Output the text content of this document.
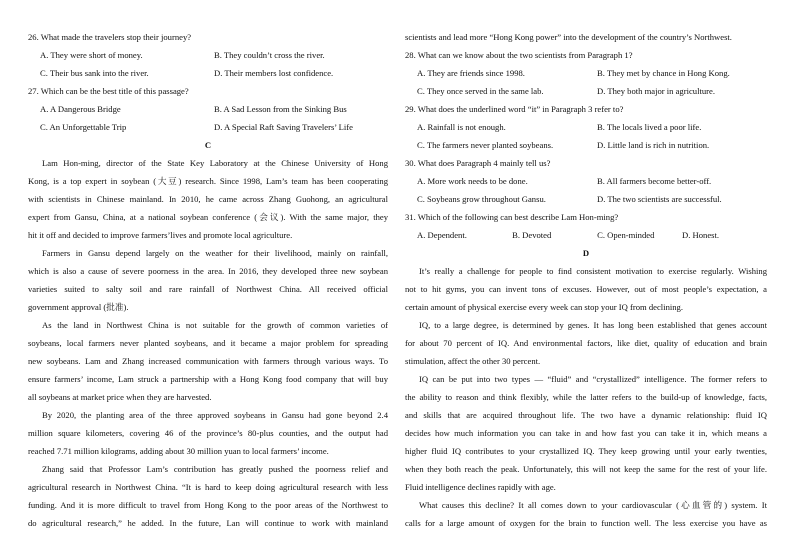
26. What made the travelers stop their journey?
A. They were short of money.	B. They couldn’t cross the river.
C. Their bus sank into the river.	D. Their members lost confidence.
27. Which can be the best title of this passage?
A. A Dangerous Bridge	B. A Sad Lesson from the Sinking Bus
C. An Unforgettable Trip	D. A Special Raft Saving Travelers’ Life
C
Lam Hon-ming, director of the State Key Laboratory at the Chinese University of Hong
Kong, is a top expert in soybean (大豆) research. Since 1998, Lam’s team has been cooperating
with scientists in Chinese mainland. In 2010, he came across Zhang Guohong, an agricultural
expert from Gansu, China, at a national soybean conference (会议). With the same major, they
hit it off and decided to improve farmers’lives and promote local agriculture.
Farmers in Gansu depend largely on the weather for their livelihood, mainly on rainfall,
which is also a cause of severe poorness in the area. In 2016, they developed three new soybean
varieties suited to salty soil and rare rainfall of Northwest China. All received official
government approval (批准).
As the land in Northwest China is not suitable for the growth of common varieties of
soybeans, local farmers never planted soybeans, and it became a major problem for spreading
new soybeans. Lam and Zhang increased communication with farmers through various ways. To
ensure farmers’ income, Lam struck a partnership with a Hong Kong food company that will buy
all soybeans at market price when they are harvested.
By 2020, the planting area of the three approved soybeans in Gansu had gone beyond 2.4
million square kilometers, covering 46 of the province’s 80-plus counties, and the output had
reached 7.71 million kilograms, adding about 30 million yuan to local farmers’ income.
Zhang said that Professor Lam’s contribution has greatly pushed the poorness relief and
agricultural research in Northwest China. “It is hard to keep doing agricultural research with less
funding. And it is more difficult to travel from Hong Kong to the poor areas of the Northwest to
do agricultural research,” he added. In the future, Lan will continue to work with mainland
scientists and lead more “Hong Kong power” into the development of the country’s Northwest.
28. What can we know about the two scientists from Paragraph 1?
A. They are friends since 1998.	B. They met by chance in Hong Kong.
C. They once served in the same lab.	D. They both major in agriculture.
29. What does the underlined word “it” in Paragraph 3 refer to?
A. Rainfall is not enough.	B. The locals lived a poor life.
C. The farmers never planted soybeans.	D. Little land is rich in nutrition.
30. What does Paragraph 4 mainly tell us?
A. More work needs to be done.	B. All farmers become better-off.
C. Soybeans grow throughout Gansu.	D. The two scientists are successful.
31. Which of the following can best describe Lam Hon-ming?
A. Dependent.	B. Devoted	C. Open-minded	D. Honest.
D
It’s really a challenge for people to find consistent motivation to exercise regularly. Wishing
not to hit gyms, you can invent tons of excuses. However, out of most people’s expectation, a
certain amount of physical exercise every week can stop your IQ from declining.
IQ, to a large degree, is determined by genes. It has long been established that genes account
for about 70 percent of IQ. And environmental factors, like diet, quality of education and brain
stimulation, affect the other 30 percent.
IQ can be put into two types — “fluid” and “crystallized” intelligence. The former refers to
the ability to reason and think flexibly, while the latter refers to the build-up of knowledge, facts,
and skills that are acquired throughout life. The two have a dynamic relationship: fluid IQ
decides how much information you can take in and how fast you can take it in, which means a
higher fluid IQ contributes to your crystallized IQ. They keep growing until your early twenties,
when they both reach the peak. Unfortunately, this will not keep the same for the rest of your life.
Fluid intelligence declines rapidly with age.
What causes this decline? It all comes down to your cardiovascular (心血管的) system. It
calls for a large amount of oxygen for the brain to function well. The less exercise you have as
